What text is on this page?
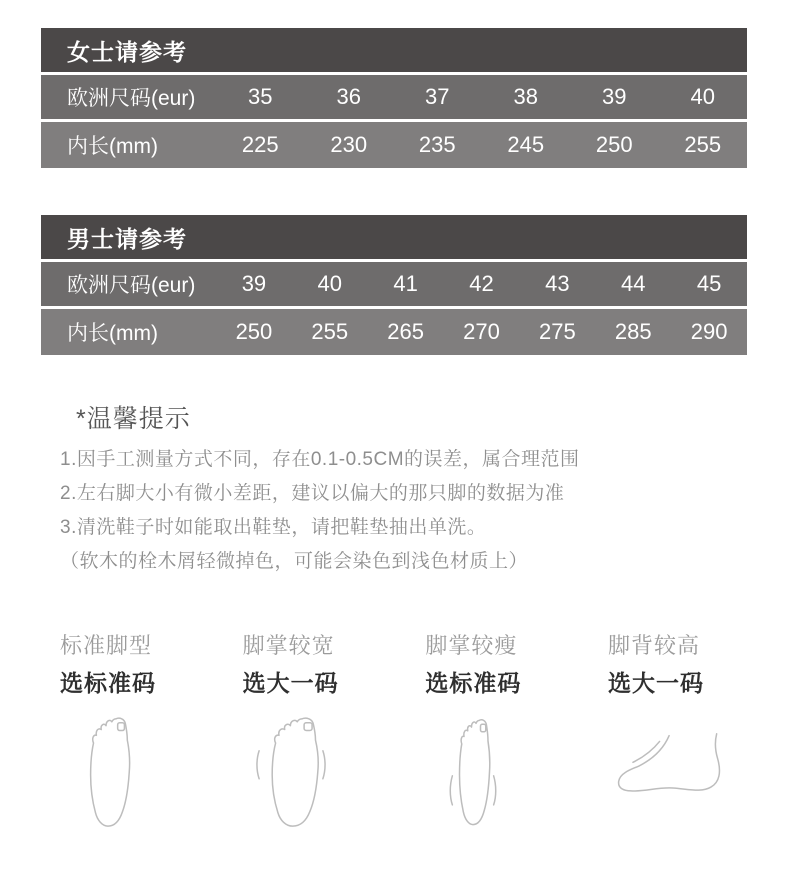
女士请参考
欧洲尺码(eur)	35	36	37	38	39	40
内长(mm)	225	230	235	245	250	255
男士请参考
欧洲尺码(eur)	39	40	41	42	43	44	45
内长(mm)	250	255	265	270	275	285	290
*温馨提示
1.因手工测量方式不同，存在0.1-0.5CM的误差，属合理范围
2.左右脚大小有微小差距，建议以偏大的那只脚的数据为准
3.清洗鞋子时如能取出鞋垫，请把鞋垫抽出单洗。
（软木的栓木屑轻微掉色，可能会染色到浅色材质上）
标准脚型
选标准码
脚掌较宽
选大一码
脚掌较瘦
选标准码
脚背较高
选大一码
